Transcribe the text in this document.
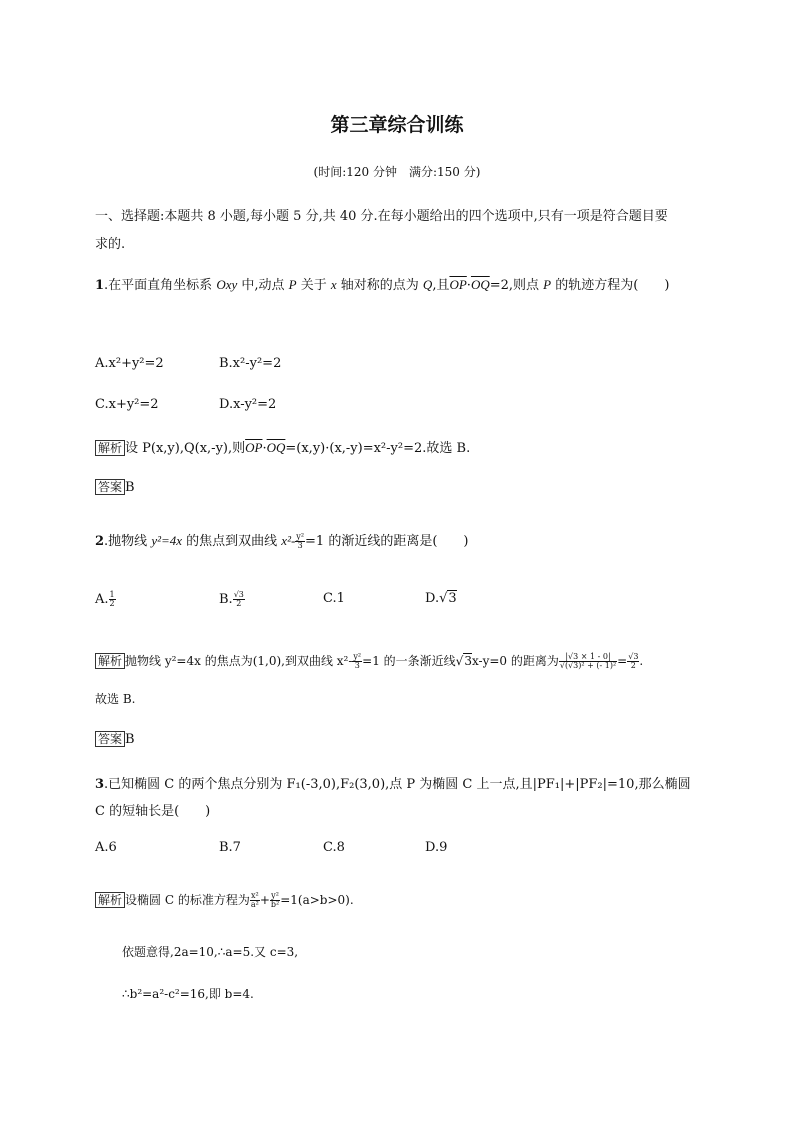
第三章综合训练
(时间:120 分钟　满分:150 分)
一、选择题:本题共 8 小题,每小题 5 分,共 40 分.在每小题给出的四个选项中,只有一项是符合题目要
求的.
1.在平面直角坐标系 Oxy 中,动点 P 关于 x 轴对称的点为 Q,且$\overline{OP}\cdot\overline{OQ}=2$,则点 P 的轨迹方程为(　　)
A.x²+y²=2	B.x²-y²=2
C.x+y²=2	D.x-y²=2
解析 设 P(x,y),Q(x,-y),则$\overline{OP}\cdot\overline{OQ}=(x,y)\cdot(x,-y)=x^2-y^2=2$.故选 B.
答案 B
2.抛物线 y²=4x 的焦点到双曲线 $x^2- \frac{\text{y²}}{3} =1$ 的渐近线的距离是(　　)
A. $\frac{1}{2}$	B. $\frac{√3}{2}$	C.1	D.√3
解析 抛物线 y²=4x 的焦点为(1,0),到双曲线 $x^2- \frac{\text{y²}}{3} =1$ 的一条渐近线√3x-y=0 的距离为 $\frac{|√3 \times 1 - 0|}{\text{√(√3)² + (- 1)²}} = \frac{√3}{2}$ .
故选 B.
答案 B
3.已知椭圆 C 的两个焦点分别为 F₁(-3,0),F₂(3,0),点 P 为椭圆 C 上一点,且|PF₁|+|PF₂|=10,那么椭圆
C 的短轴长是(　　)
A.6	B.7	C.8	D.9
解析 设椭圆 C 的标准方程为 $\frac{\text{x²}}{\text{a²}} + \frac{\text{y²}}{\text{b²}} =1(a>b>0)$.
依题意得,2a=10,∴a=5.又 c=3,
∴b²=a²-c²=16,即 b=4.
